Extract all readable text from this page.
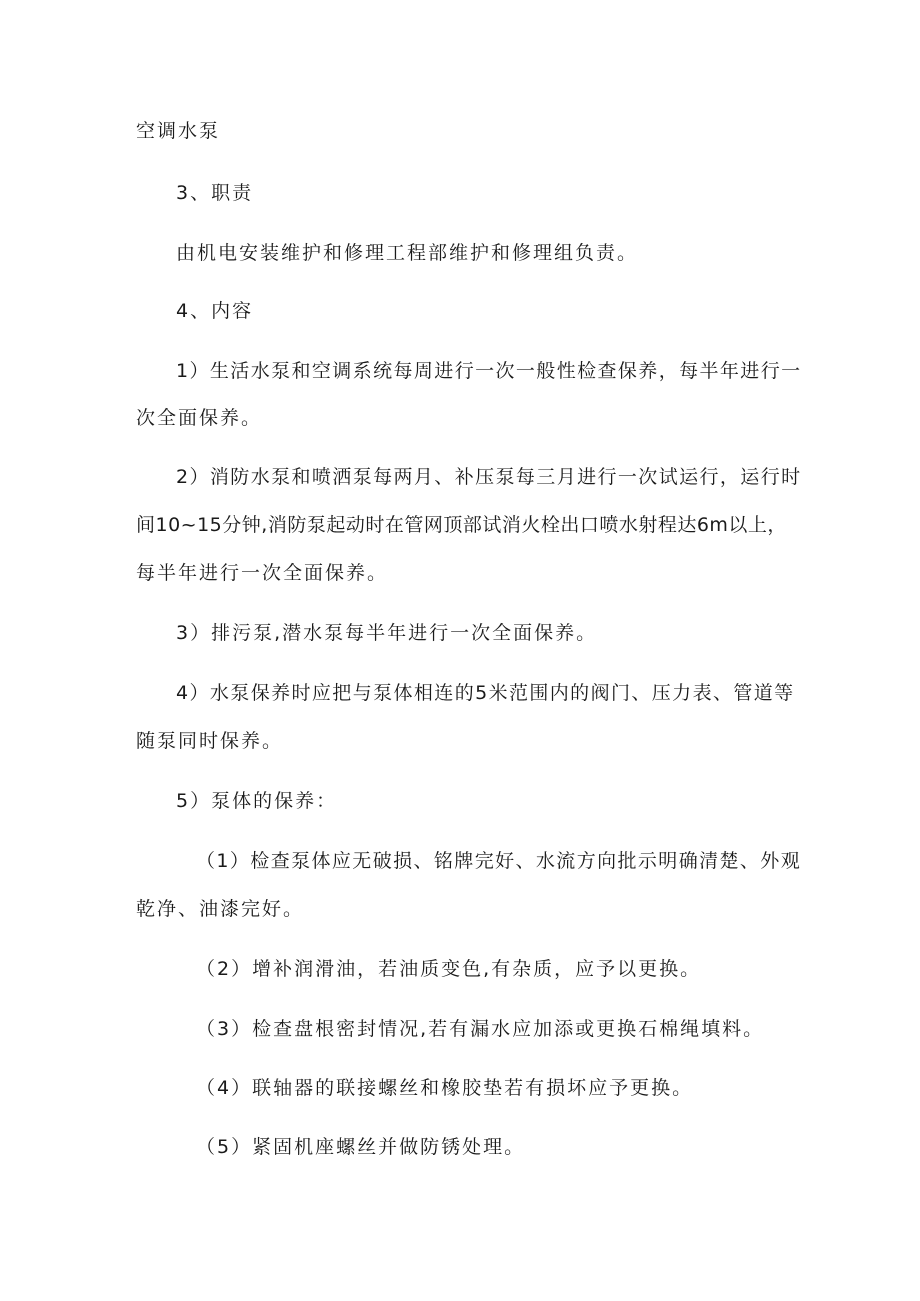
空调水泵

3、职责

由机电安装维护和修理工程部维护和修理组负责。

4、内容

1）生活水泵和空调系统每周进行一次一般性检查保养，每半年进行一

次全面保养。

2）消防水泵和喷洒泵每两月、补压泵每三月进行一次试运行，运行时

间10~15分钟,消防泵起动时在管网顶部试消火栓出口喷水射程达6m以上，

每半年进行一次全面保养。

3）排污泵,潜水泵每半年进行一次全面保养。

4）水泵保养时应把与泵体相连的5米范围内的阀门、压力表、管道等

随泵同时保养。

5）泵体的保养：

（1）检查泵体应无破损、铭牌完好、水流方向批示明确清楚、外观

乾净、油漆完好。

（2）增补润滑油，若油质变色,有杂质，应予以更换。

（3）检查盘根密封情况,若有漏水应加添或更换石棉绳填料。

（4）联轴器的联接螺丝和橡胶垫若有损坏应予更换。

（5）紧固机座螺丝并做防锈处理。
